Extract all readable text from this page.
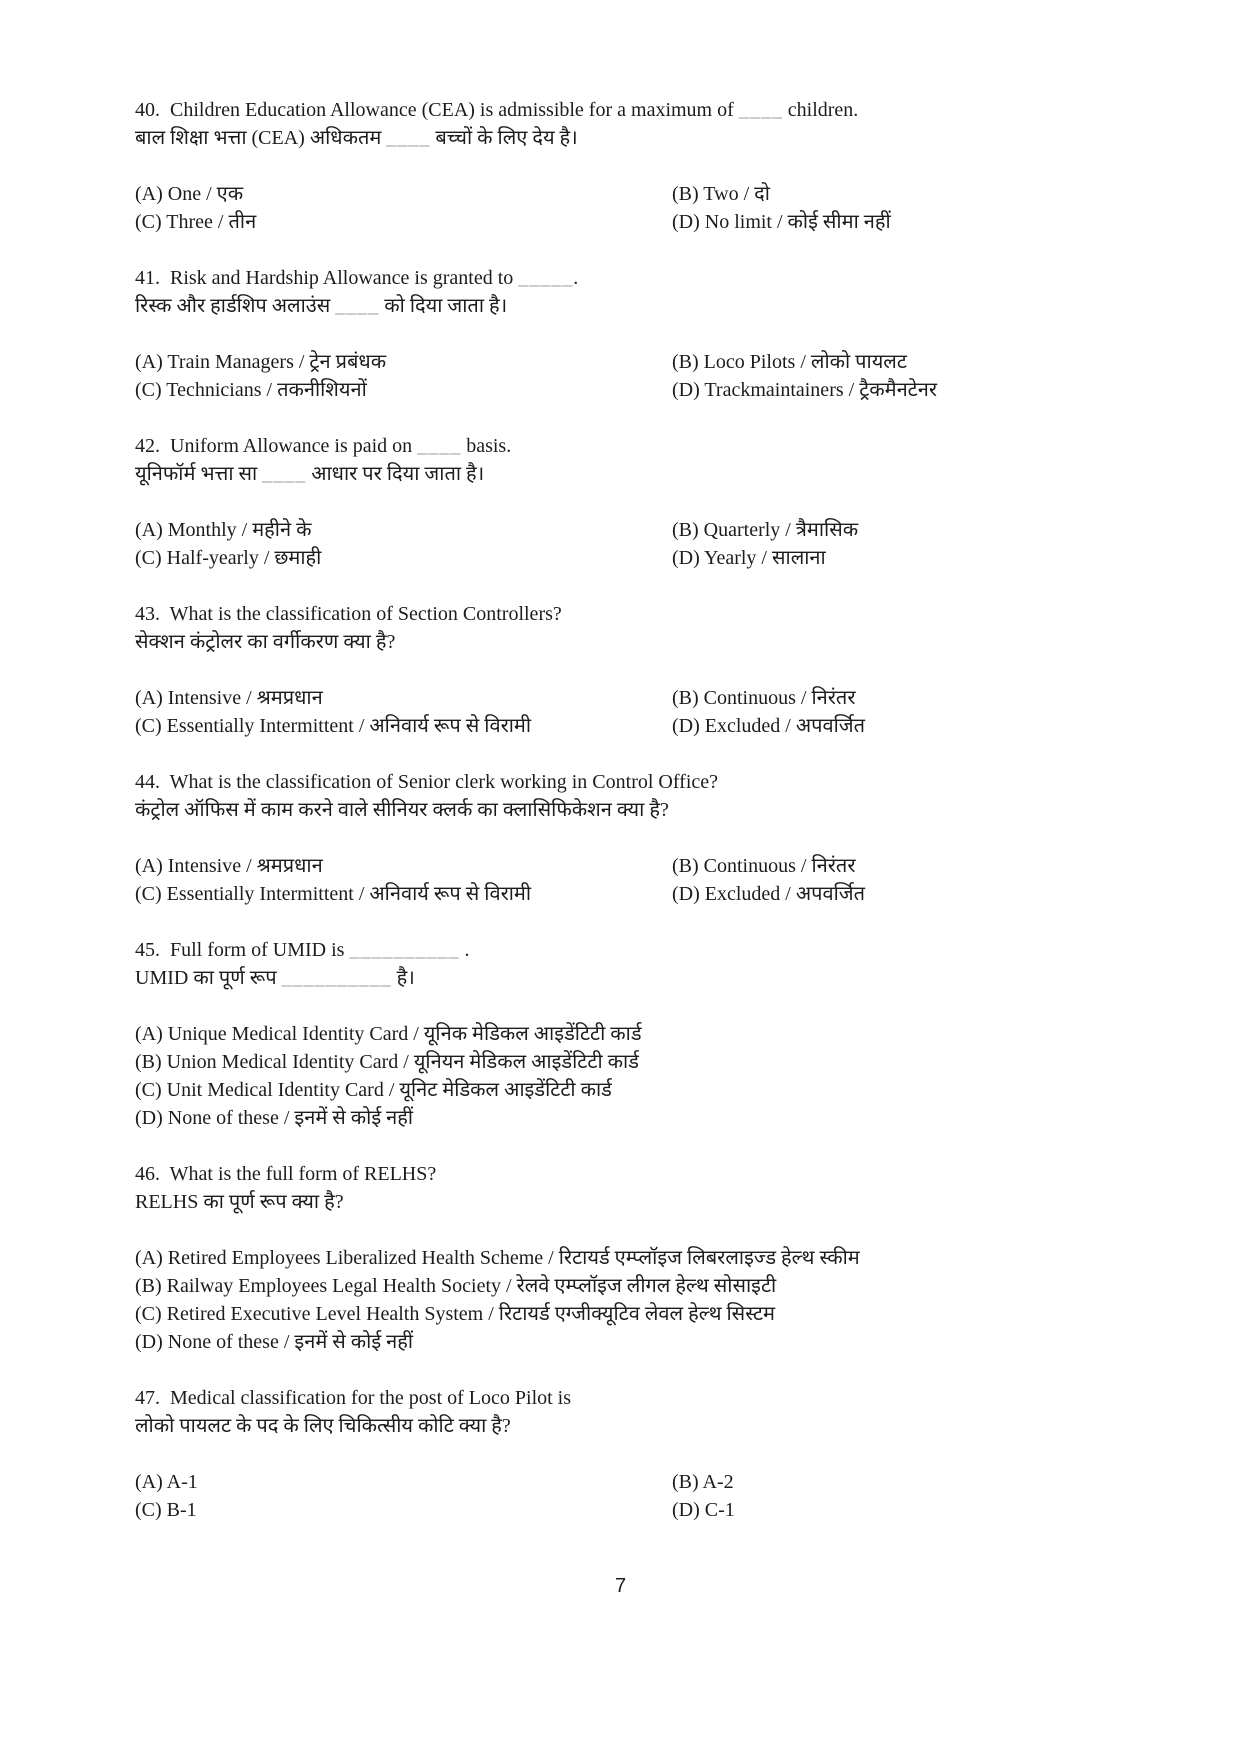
40.  Children Education Allowance (CEA) is admissible for a maximum of ____ children.
बाल शिक्षा भत्ता (CEA) अधिकतम ____ बच्चों के लिए देय है।
(A) One / एक	(B) Two / दो
(C) Three / तीन	(D) No limit / कोई सीमा नहीं
41.  Risk and Hardship Allowance is granted to _____.
रिस्क और हार्डशिप अलाउंस ____ को दिया जाता है।
(A) Train Managers / ट्रेन प्रबंधक	(B) Loco Pilots / लोको पायलट
(C) Technicians / तकनीशियनों	(D) Trackmaintainers / ट्रैकमैनटेनर
42.  Uniform Allowance is paid on ____ basis.
यूनिफॉर्म भत्ता सा ____ आधार पर दिया जाता है।
(A) Monthly / महीने के	(B) Quarterly / त्रैमासिक
(C) Half-yearly / छमाही	(D) Yearly / सालाना
43.  What is the classification of Section Controllers?
सेक्शन कंट्रोलर का वर्गीकरण क्या है?
(A) Intensive / श्रमप्रधान	(B) Continuous / निरंतर
(C) Essentially Intermittent / अनिवार्य रूप से विरामी	(D) Excluded / अपवर्जित
44.  What is the classification of Senior clerk working in Control Office?
कंट्रोल ऑफिस में काम करने वाले सीनियर क्लर्क का क्लासिफिकेशन क्या है?
(A) Intensive / श्रमप्रधान	(B) Continuous / निरंतर
(C) Essentially Intermittent / अनिवार्य रूप से विरामी	(D) Excluded / अपवर्जित
45.  Full form of UMID is __________ .
UMID का पूर्ण रूप __________ है।
(A) Unique Medical Identity Card / यूनिक मेडिकल आइडेंटिटी कार्ड
(B) Union Medical Identity Card / यूनियन मेडिकल आइडेंटिटी कार्ड
(C) Unit Medical Identity Card / यूनिट मेडिकल आइडेंटिटी कार्ड
(D) None of these / इनमें से कोई नहीं
46.  What is the full form of RELHS?
RELHS का पूर्ण रूप क्या है?
(A) Retired Employees Liberalized Health Scheme / रिटायर्ड एम्प्लॉइज लिबरलाइज्ड हेल्थ स्कीम
(B) Railway Employees Legal Health Society / रेलवे एम्प्लॉइज लीगल हेल्थ सोसाइटी
(C) Retired Executive Level Health System / रिटायर्ड एग्जीक्यूटिव लेवल हेल्थ सिस्टम
(D) None of these / इनमें से कोई नहीं
47.  Medical classification for the post of Loco Pilot is
लोको पायलट के पद के लिए चिकित्सीय कोटि क्या है?
(A) A-1	(B) A-2
(C) B-1	(D) C-1
7
